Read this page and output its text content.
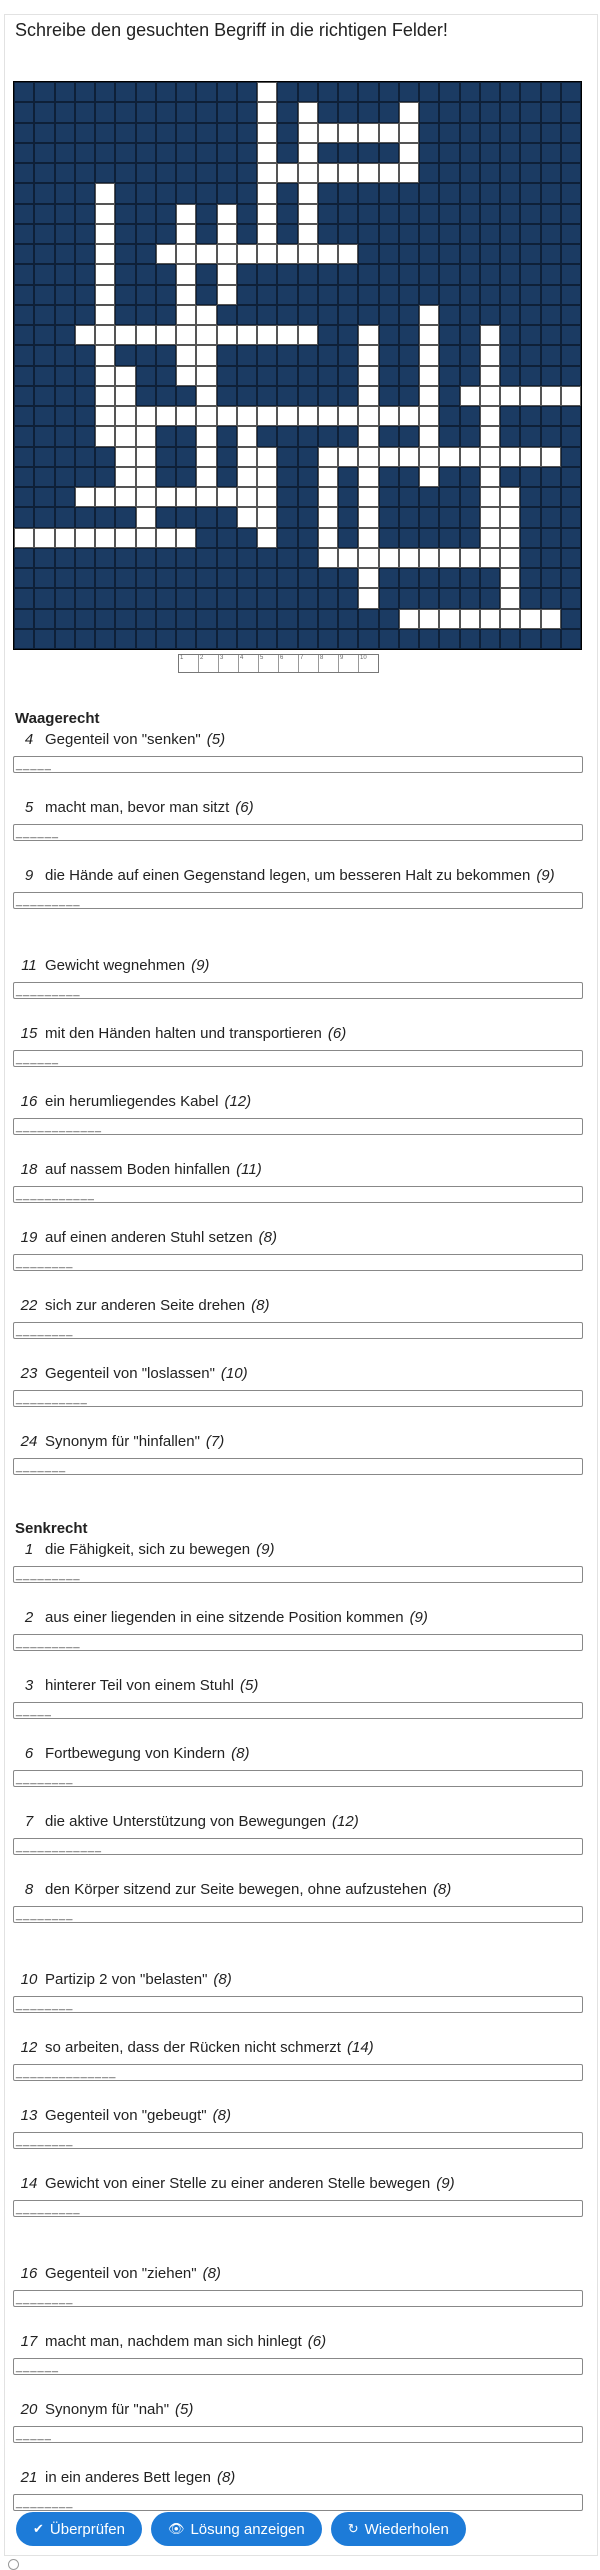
Schreibe den gesuchten Begriff in die richtigen Felder!
1	2	3	4	5	6	7	8	9	10
Waagerecht
4 Gegenteil von "senken" (5)
_ _ _ _ _
5 macht man, bevor man sitzt (6)
_ _ _ _ _ _
9 die Hände auf einen Gegenstand legen, um besseren Halt zu bekommen (9)
_ _ _ _ _ _ _ _ _
11 Gewicht wegnehmen (9)
_ _ _ _ _ _ _ _ _
15 mit den Händen halten und transportieren (6)
_ _ _ _ _ _
16 ein herumliegendes Kabel (12)
_ _ _ _ _ _ _ _ _ _ _ _
18 auf nassem Boden hinfallen (11)
_ _ _ _ _ _ _ _ _ _ _
19 auf einen anderen Stuhl setzen (8)
_ _ _ _ _ _ _ _
22 sich zur anderen Seite drehen (8)
_ _ _ _ _ _ _ _
23 Gegenteil von "loslassen" (10)
_ _ _ _ _ _ _ _ _ _
24 Synonym für "hinfallen" (7)
_ _ _ _ _ _ _
Senkrecht
1 die Fähigkeit, sich zu bewegen (9)
_ _ _ _ _ _ _ _ _
2 aus einer liegenden in eine sitzende Position kommen (9)
_ _ _ _ _ _ _ _ _
3 hinterer Teil von einem Stuhl (5)
_ _ _ _ _
6 Fortbewegung von Kindern (8)
_ _ _ _ _ _ _ _
7 die aktive Unterstützung von Bewegungen (12)
_ _ _ _ _ _ _ _ _ _ _ _
8 den Körper sitzend zur Seite bewegen, ohne aufzustehen (8)
_ _ _ _ _ _ _ _
10 Partizip 2 von "belasten" (8)
_ _ _ _ _ _ _ _
12 so arbeiten, dass der Rücken nicht schmerzt (14)
_ _ _ _ _ _ _ _ _ _ _ _ _ _
13 Gegenteil von "gebeugt" (8)
_ _ _ _ _ _ _ _
14 Gewicht von einer Stelle zu einer anderen Stelle bewegen (9)
_ _ _ _ _ _ _ _ _
16 Gegenteil von "ziehen" (8)
_ _ _ _ _ _ _ _
17 macht man, nachdem man sich hinlegt (6)
_ _ _ _ _ _
20 Synonym für "nah" (5)
_ _ _ _ _
21 in ein anderes Bett legen (8)
_ _ _ _ _ _ _ _
✔ Überprüfen	👁 Lösung anzeigen	↻ Wiederholen
